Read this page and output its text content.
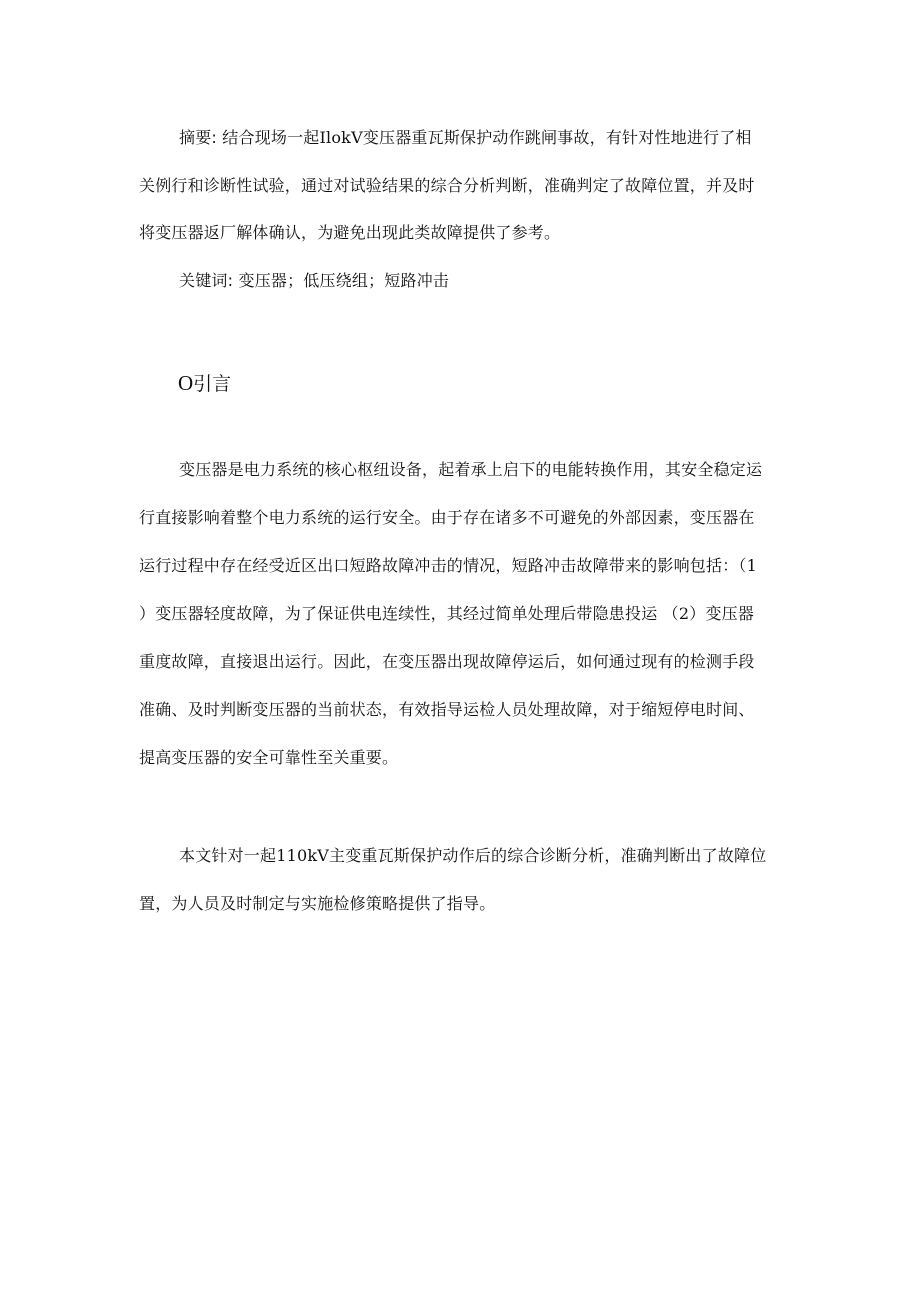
摘要: 结合现场一起IlokV变压器重瓦斯保护动作跳闸事故，有针对性地进行了相
关例行和诊断性试验，通过对试验结果的综合分析判断，准确判定了故障位置，并及时
将变压器返厂解体确认，为避免出现此类故障提供了参考。
关键词: 变压器；低压绕组；短路冲击
O引言
变压器是电力系统的核心枢纽设备，起着承上启下的电能转换作用，其安全稳定运
行直接影响着整个电力系统的运行安全。由于存在诸多不可避免的外部因素，变压器在
运行过程中存在经受近区出口短路故障冲击的情况，短路冲击故障带来的影响包括：（1
）变压器轻度故障，为了保证供电连续性，其经过简单处理后带隐患投运 （2）变压器
重度故障，直接退出运行。因此，在变压器出现故障停运后，如何通过现有的检测手段
准确、及时判断变压器的当前状态，有效指导运检人员处理故障，对于缩短停电时间、
提高变压器的安全可靠性至关重要。
本文针对一起110kV主变重瓦斯保护动作后的综合诊断分析，准确判断出了故障位
置，为人员及时制定与实施检修策略提供了指导。
